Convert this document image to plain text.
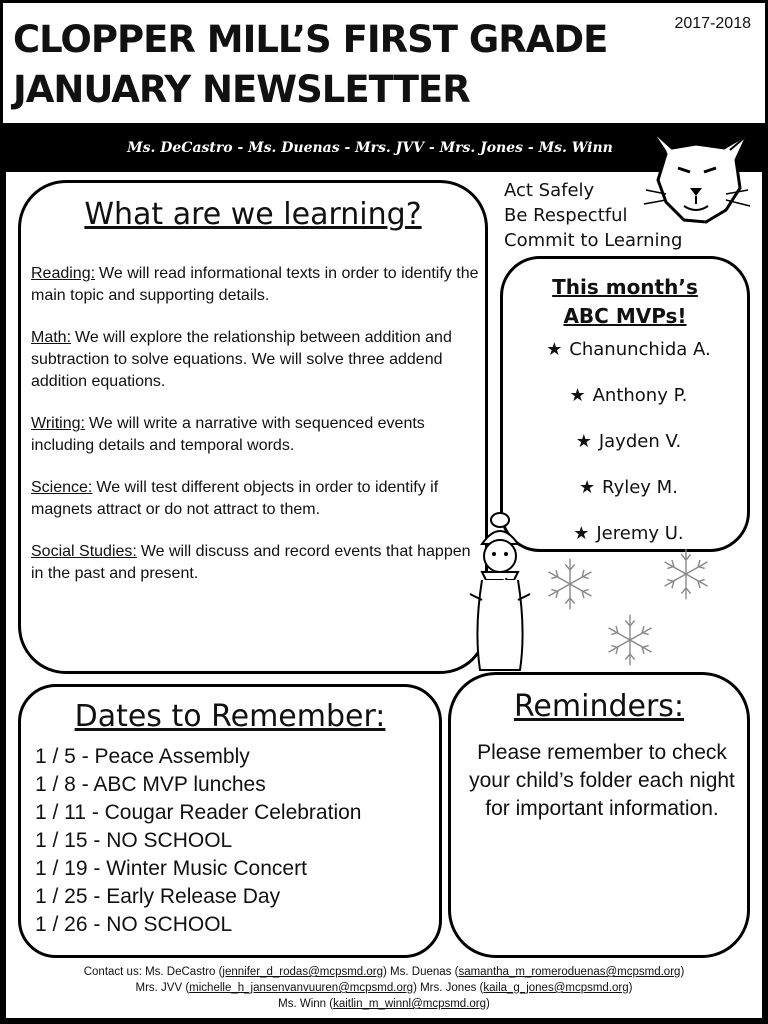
CLOPPER MILL’S FIRST GRADE
JANUARY NEWSLETTER
2017-2018
Ms. DeCastro - Ms. Duenas - Mrs. JVV - Mrs. Jones - Ms. Winn
What are we learning?
Reading: We will read informational texts in order to identify the main topic and supporting details.
Math: We will explore the relationship between addition and subtraction to solve equations. We will solve three addend addition equations.
Writing: We will write a narrative with sequenced events including details and temporal words.
Science: We will test different objects in order to identify if magnets attract or do not attract to them.
Social Studies: We will discuss and record events that happen in the past and present.
Act Safely
Be Respectful
Commit to Learning
This month’s
ABC MVPs!
★ Chanunchida A.
★ Anthony P.
★ Jayden V.
★ Ryley M.
★ Jeremy U.
Dates to Remember:
1 / 5 - Peace Assembly
1 / 8 - ABC MVP lunches
1 / 11 - Cougar Reader Celebration
1 / 15 - NO SCHOOL
1 / 19 - Winter Music Concert
1 / 25 - Early Release Day
1 / 26 - NO SCHOOL
Reminders:
Please remember to check your child’s folder each night for important information.
Contact us: Ms. DeCastro (jennifer_d_rodas@mcpsmd.org) Ms. Duenas (samantha_m_romeroduenas@mcpsmd.org)
Mrs. JVV (michelle_h_jansenvanvuuren@mcpsmd.org) Mrs. Jones (kaila_g_jones@mcpsmd.org)
Ms. Winn (kaitlin_m_winnl@mcpsmd.org)
